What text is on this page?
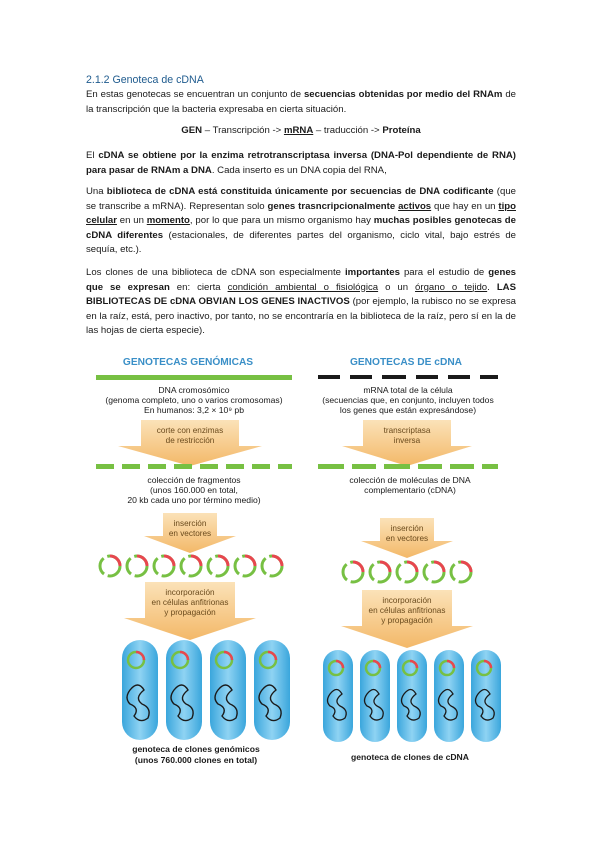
2.1.2 Genoteca de cDNA

En estas genotecas se encuentran un conjunto de secuencias obtenidas por medio del RNAm de la transcripción que la bacteria expresaba en cierta situación.

GEN – Transcripción -> mRNA – traducción -> Proteína

El cDNA se obtiene por la enzima retrotranscriptasa inversa (DNA-Pol dependiente de RNA) para pasar de RNAm a DNA. Cada inserto es un DNA copia del RNA,

Una biblioteca de cDNA está constituida únicamente por secuencias de DNA codificante (que se transcribe a mRNA). Representan solo genes trasncripcionalmente activos que hay en un tipo celular en un momento, por lo que para un mismo organismo hay muchas posibles genotecas de cDNA diferentes (estacionales, de diferentes partes del organismo, ciclo vital, bajo estrés de sequía, etc.).

Los clones de una biblioteca de cDNA son especialmente importantes para el estudio de genes que se expresan en: cierta condición ambiental o fisiológica o un órgano o tejido. LAS BIBLIOTECAS DE cDNA OBVIAN LOS GENES INACTIVOS (por ejemplo, la rubisco no se expresa en la raíz, está, pero inactivo, por tanto, no se encontraría en la biblioteca de la raíz, pero sí en la de las hojas de cierta especie).

GENOTECAS GENÓMICAS
DNA cromosómico
(genoma completo, uno o varios cromosomas)
En humanos: 3,2 × 10⁹ pb
corte con enzimas
de restricción
colección de fragmentos
(unos 160.000 en total,
20 kb cada uno por término medio)
inserción
en vectores
incorporación
en células anfitrionas
y propagación
genoteca de clones genómicos
(unos 760.000 clones en total)
GENOTECAS DE cDNA
mRNA total de la célula
(secuencias que, en conjunto, incluyen todos
los genes que están expresándose)
transcriptasa
inversa
colección de moléculas de DNA
complementario (cDNA)
inserción
en vectores
incorporación
en células anfitrionas
y propagación
genoteca de clones de cDNA
